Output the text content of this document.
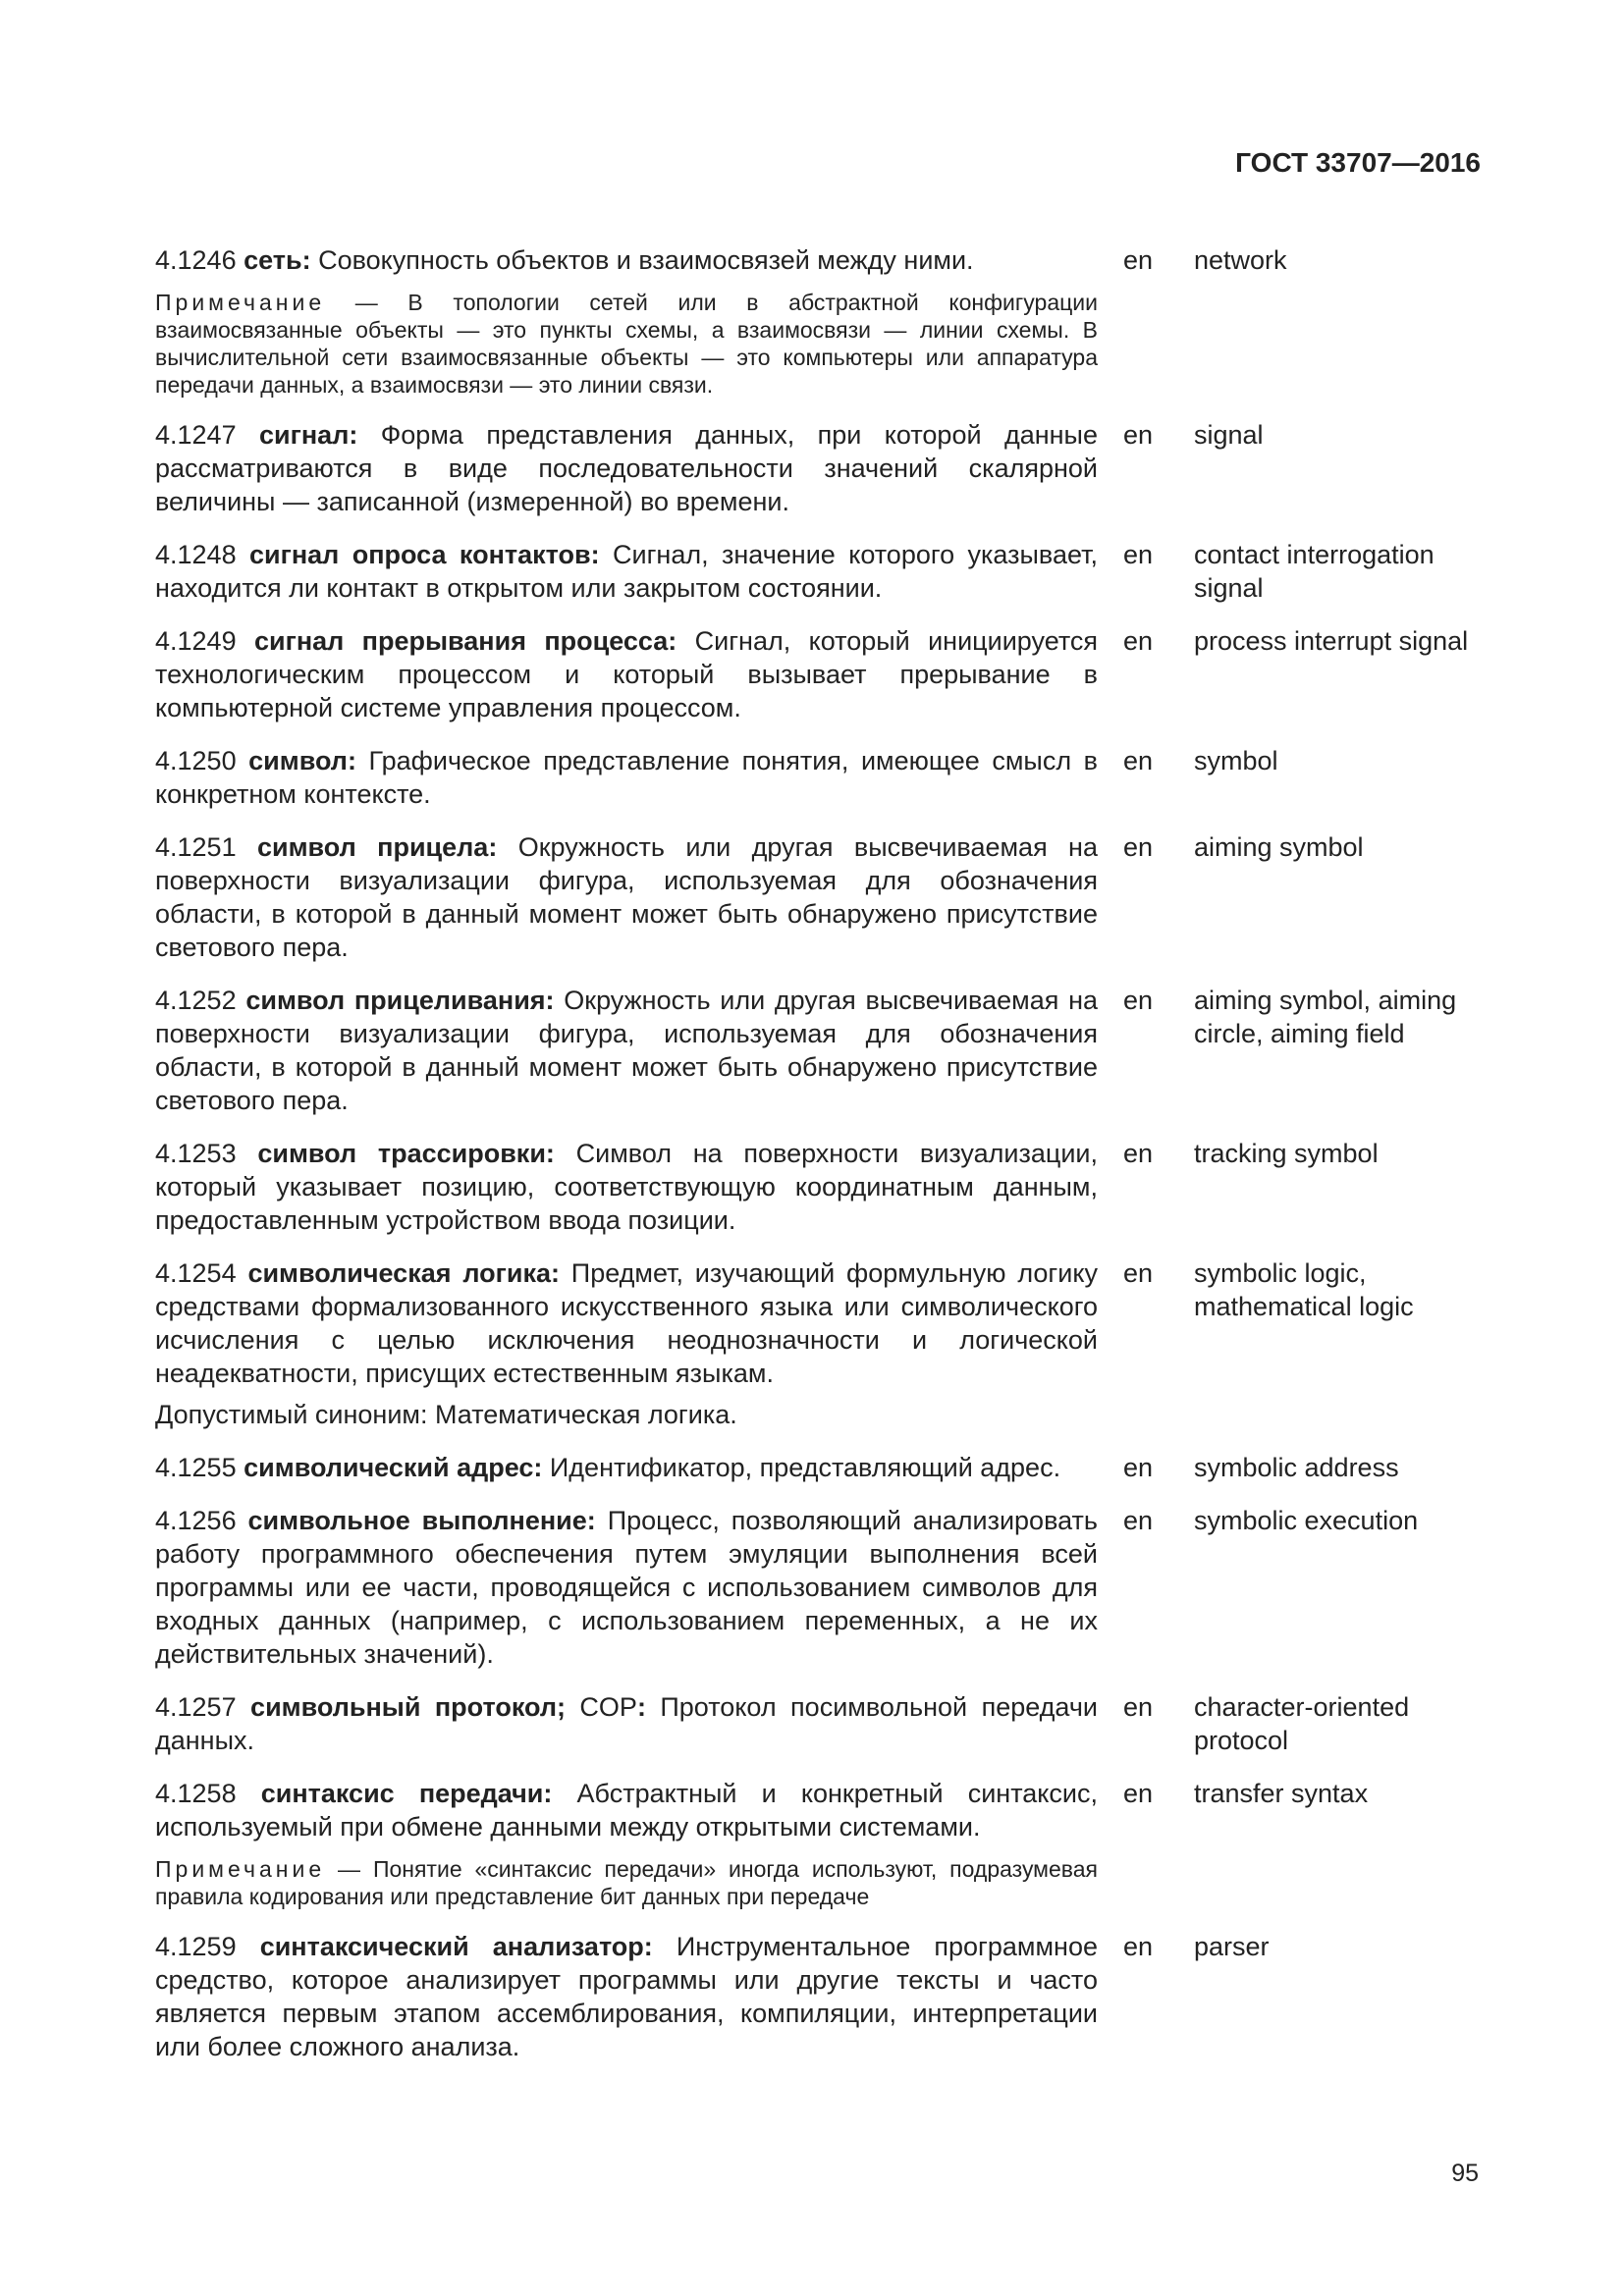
ГОСТ 33707—2016
4.1246 сеть: Совокупность объектов и взаимосвязей между ними.
Примечание — В топологии сетей или в абстрактной конфигурации взаимосвязанные объекты — это пункты схемы, а взаимосвязи — линии схемы. В вычислительной сети взаимосвязанные объекты — это компьютеры или аппаратура передачи данных, а взаимосвязи — это линии связи.
en	network
4.1247 сигнал: Форма представления данных, при которой данные рассматриваются в виде последовательности значений скалярной величины — записанной (измеренной) во времени.
en	signal
4.1248 сигнал опроса контактов: Сигнал, значение которого указывает, находится ли контакт в открытом или закрытом состоянии.
en	contact interrogation signal
4.1249 сигнал прерывания процесса: Сигнал, который инициируется технологическим процессом и который вызывает прерывание в компьютерной системе управления процессом.
en	process interrupt signal
4.1250 символ: Графическое представление понятия, имеющее смысл в конкретном контексте.
en	symbol
4.1251 символ прицела: Окружность или другая высвечиваемая на поверхности визуализации фигура, используемая для обозначения области, в которой в данный момент может быть обнаружено присутствие светового пера.
en	aiming symbol
4.1252 символ прицеливания: Окружность или другая высвечиваемая на поверхности визуализации фигура, используемая для обозначения области, в которой в данный момент может быть обнаружено присутствие светового пера.
en	aiming symbol, aiming circle, aiming field
4.1253 символ трассировки: Символ на поверхности визуализации, который указывает позицию, соответствующую координатным данным, предоставленным устройством ввода позиции.
en	tracking symbol
4.1254 символическая логика: Предмет, изучающий формульную логику средствами формализованного искусственного языка или символического исчисления с целью исключения неоднозначности и логической неадекватности, присущих естественным языкам.
Допустимый синоним: Математическая логика.
en	symbolic logic, mathematical logic
4.1255 символический адрес: Идентификатор, представляющий адрес.	en	symbolic address
4.1256 символьное выполнение: Процесс, позволяющий анализировать работу программного обеспечения путем эмуляции выполнения всей программы или ее части, проводящейся с использованием символов для входных данных (например, с использованием переменных, а не их действительных значений).
en	symbolic execution
4.1257 символьный протокол; COP: Протокол посимвольной передачи данных.
en	character-oriented protocol
4.1258 синтаксис передачи: Абстрактный и конкретный синтаксис, используемый при обмене данными между открытыми системами.
Примечание — Понятие «синтаксис передачи» иногда используют, подразумевая правила кодирования или представление бит данных при передаче
en	transfer syntax
4.1259 синтаксический анализатор: Инструментальное программное средство, которое анализирует программы или другие тексты и часто является первым этапом ассемблирования, компиляции, интерпретации или более сложного анализа.
en	parser
95
